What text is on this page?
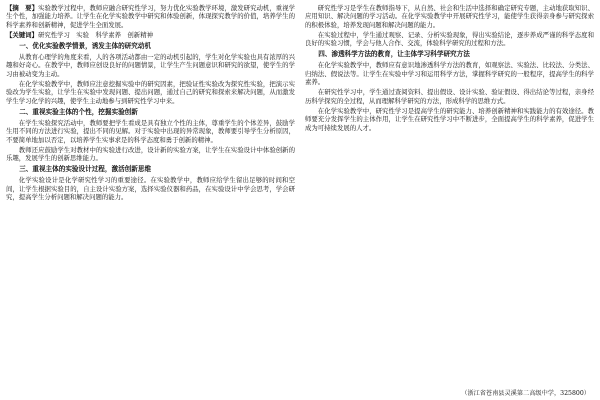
【摘　要】实验教学过程中，教师应融合研究性学习，努力优化实验教学环境，激发研究动机，重视学生个性，加强能力培养。让学生在化学实验教学中研究和体验创新，体现探究教学的价值，培养学生的科学素养和创新精神，促进学生全面发展。

【关键词】研究性学习　实验　科学素养　创新精神

一、优化实验教学情景，诱发主体的研究动机

从教育心理学的角度来看，人的各项活动都由一定的动机引起的，学生对化学实验也具有浓厚的兴趣和好奇心。在教学中，教师应创设良好的问题情景，让学生产生问题意识和研究的欲望，使学生的学习由被动变为主动。

在化学实验教学中，教师应注意挖掘实验中的研究因素，把验证性实验改为探究性实验，把演示实验改为学生实验，让学生在实验中发现问题、提出问题，通过自己的研究和探索来解决问题，从而激发学生学习化学的兴趣，使学生主动地参与到研究性学习中来。

二、重视实验主体的个性，挖掘实验创新

在学生实验探究活动中，教师要把学生看成是具有独立个性的主体，尊重学生的个体差异，鼓励学生用不同的方法进行实验，提出不同的见解。对于实验中出现的异常现象，教师要引导学生分析原因，不要简单地加以否定，以培养学生实事求是的科学态度和勇于创新的精神。

教师还应鼓励学生对教材中的实验进行改进，设计新的实验方案，让学生在实验设计中体验创新的乐趣，发展学生的创新思维能力。

三、重视主体的实验设计过程，激活创新思维

化学实验设计是化学研究性学习的重要途径。在实验教学中，教师应给学生留出足够的时间和空间，让学生根据实验目的，自主设计实验方案，选择实验仪器和药品，在实验设计中学会思考，学会研究，提高学生分析问题和解决问题的能力。

研究性学习是学生在教师指导下，从自然、社会和生活中选择和确定研究专题，主动地获取知识、应用知识、解决问题的学习活动。在化学实验教学中开展研究性学习，能使学生获得亲身参与研究探索的积极体验，培养发现问题和解决问题的能力。

在实验过程中，学生通过观察、记录、分析实验现象，得出实验结论，逐步养成严谨的科学态度和良好的实验习惯，学会与他人合作、交流，体验科学研究的过程和方法。

四、渗透科学方法的教育，让主体学习科学研究方法

在化学实验教学中，教师应有意识地渗透科学方法的教育，如观察法、实验法、比较法、分类法、归纳法、假说法等。让学生在实验中学习和运用科学方法，掌握科学研究的一般程序，提高学生的科学素养。

在研究性学习中，学生通过查阅资料、提出假设、设计实验、验证假设、得出结论等过程，亲身经历科学探究的全过程，从而理解科学研究的方法，形成科学的思维方式。

在化学实验教学中，研究性学习是提高学生的研究能力、培养创新精神和实践能力的有效途径。教师要充分发挥学生的主体作用，让学生在研究性学习中不断进步，全面提高学生的科学素养，促进学生成为可持续发展的人才。

（浙江省苍南县灵溪第二高级中学，325800）
